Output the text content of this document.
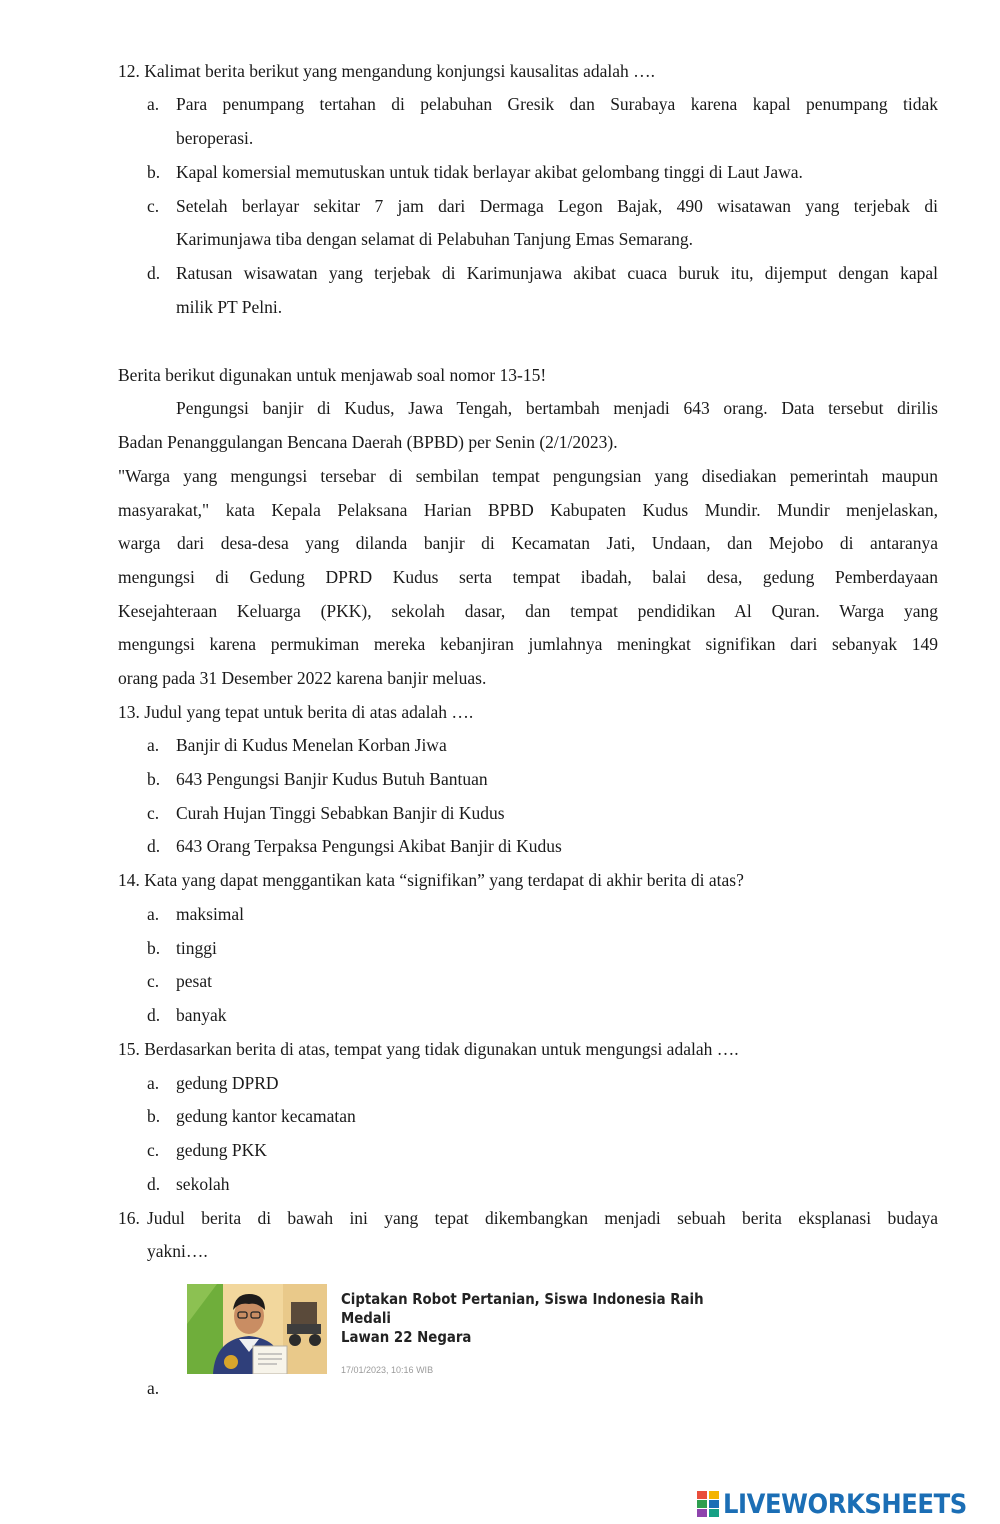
12. Kalimat berita berikut yang mengandung konjungsi kausalitas adalah ….
a. Para penumpang tertahan di pelabuhan Gresik dan Surabaya karena kapal penumpang tidak
beroperasi.
b. Kapal komersial memutuskan untuk tidak berlayar akibat gelombang tinggi di Laut Jawa.
c. Setelah berlayar sekitar 7 jam dari Dermaga Legon Bajak, 490 wisatawan yang terjebak di
Karimunjawa tiba dengan selamat di Pelabuhan Tanjung Emas Semarang.
d. Ratusan wisawatan yang terjebak di Karimunjawa akibat cuaca buruk itu, dijemput dengan kapal
milik PT Pelni.
Berita berikut digunakan untuk menjawab soal nomor 13-15!
Pengungsi banjir di Kudus, Jawa Tengah, bertambah menjadi 643 orang. Data tersebut dirilis
Badan Penanggulangan Bencana Daerah (BPBD) per Senin (2/1/2023).
"Warga yang mengungsi tersebar di sembilan tempat pengungsian yang disediakan pemerintah maupun
masyarakat," kata Kepala Pelaksana Harian BPBD Kabupaten Kudus Mundir. Mundir menjelaskan,
warga dari desa-desa yang dilanda banjir di Kecamatan Jati, Undaan, dan Mejobo di antaranya
mengungsi di Gedung DPRD Kudus serta tempat ibadah, balai desa, gedung Pemberdayaan
Kesejahteraan Keluarga (PKK), sekolah dasar, dan tempat pendidikan Al Quran. Warga yang
mengungsi karena permukiman mereka kebanjiran jumlahnya meningkat signifikan dari sebanyak 149
orang pada 31 Desember 2022 karena banjir meluas.
13. Judul yang tepat untuk berita di atas adalah ….
a. Banjir di Kudus Menelan Korban Jiwa
b. 643 Pengungsi Banjir Kudus Butuh Bantuan
c. Curah Hujan Tinggi Sebabkan Banjir di Kudus
d. 643 Orang Terpaksa Pengungsi Akibat Banjir di Kudus
14. Kata yang dapat menggantikan kata “signifikan” yang terdapat di akhir berita di atas?
a. maksimal
b. tinggi
c. pesat
d. banyak
15. Berdasarkan berita di atas, tempat yang tidak digunakan untuk mengungsi adalah ….
a. gedung DPRD
b. gedung kantor kecamatan
c. gedung PKK
d. sekolah
16. Judul berita di bawah ini yang tepat dikembangkan menjadi sebuah berita eksplanasi budaya
yakni….
Ciptakan Robot Pertanian, Siswa Indonesia Raih Medali
Lawan 22 Negara
17/01/2023, 10:16 WIB
a.
LIVEWORKSHEETS
